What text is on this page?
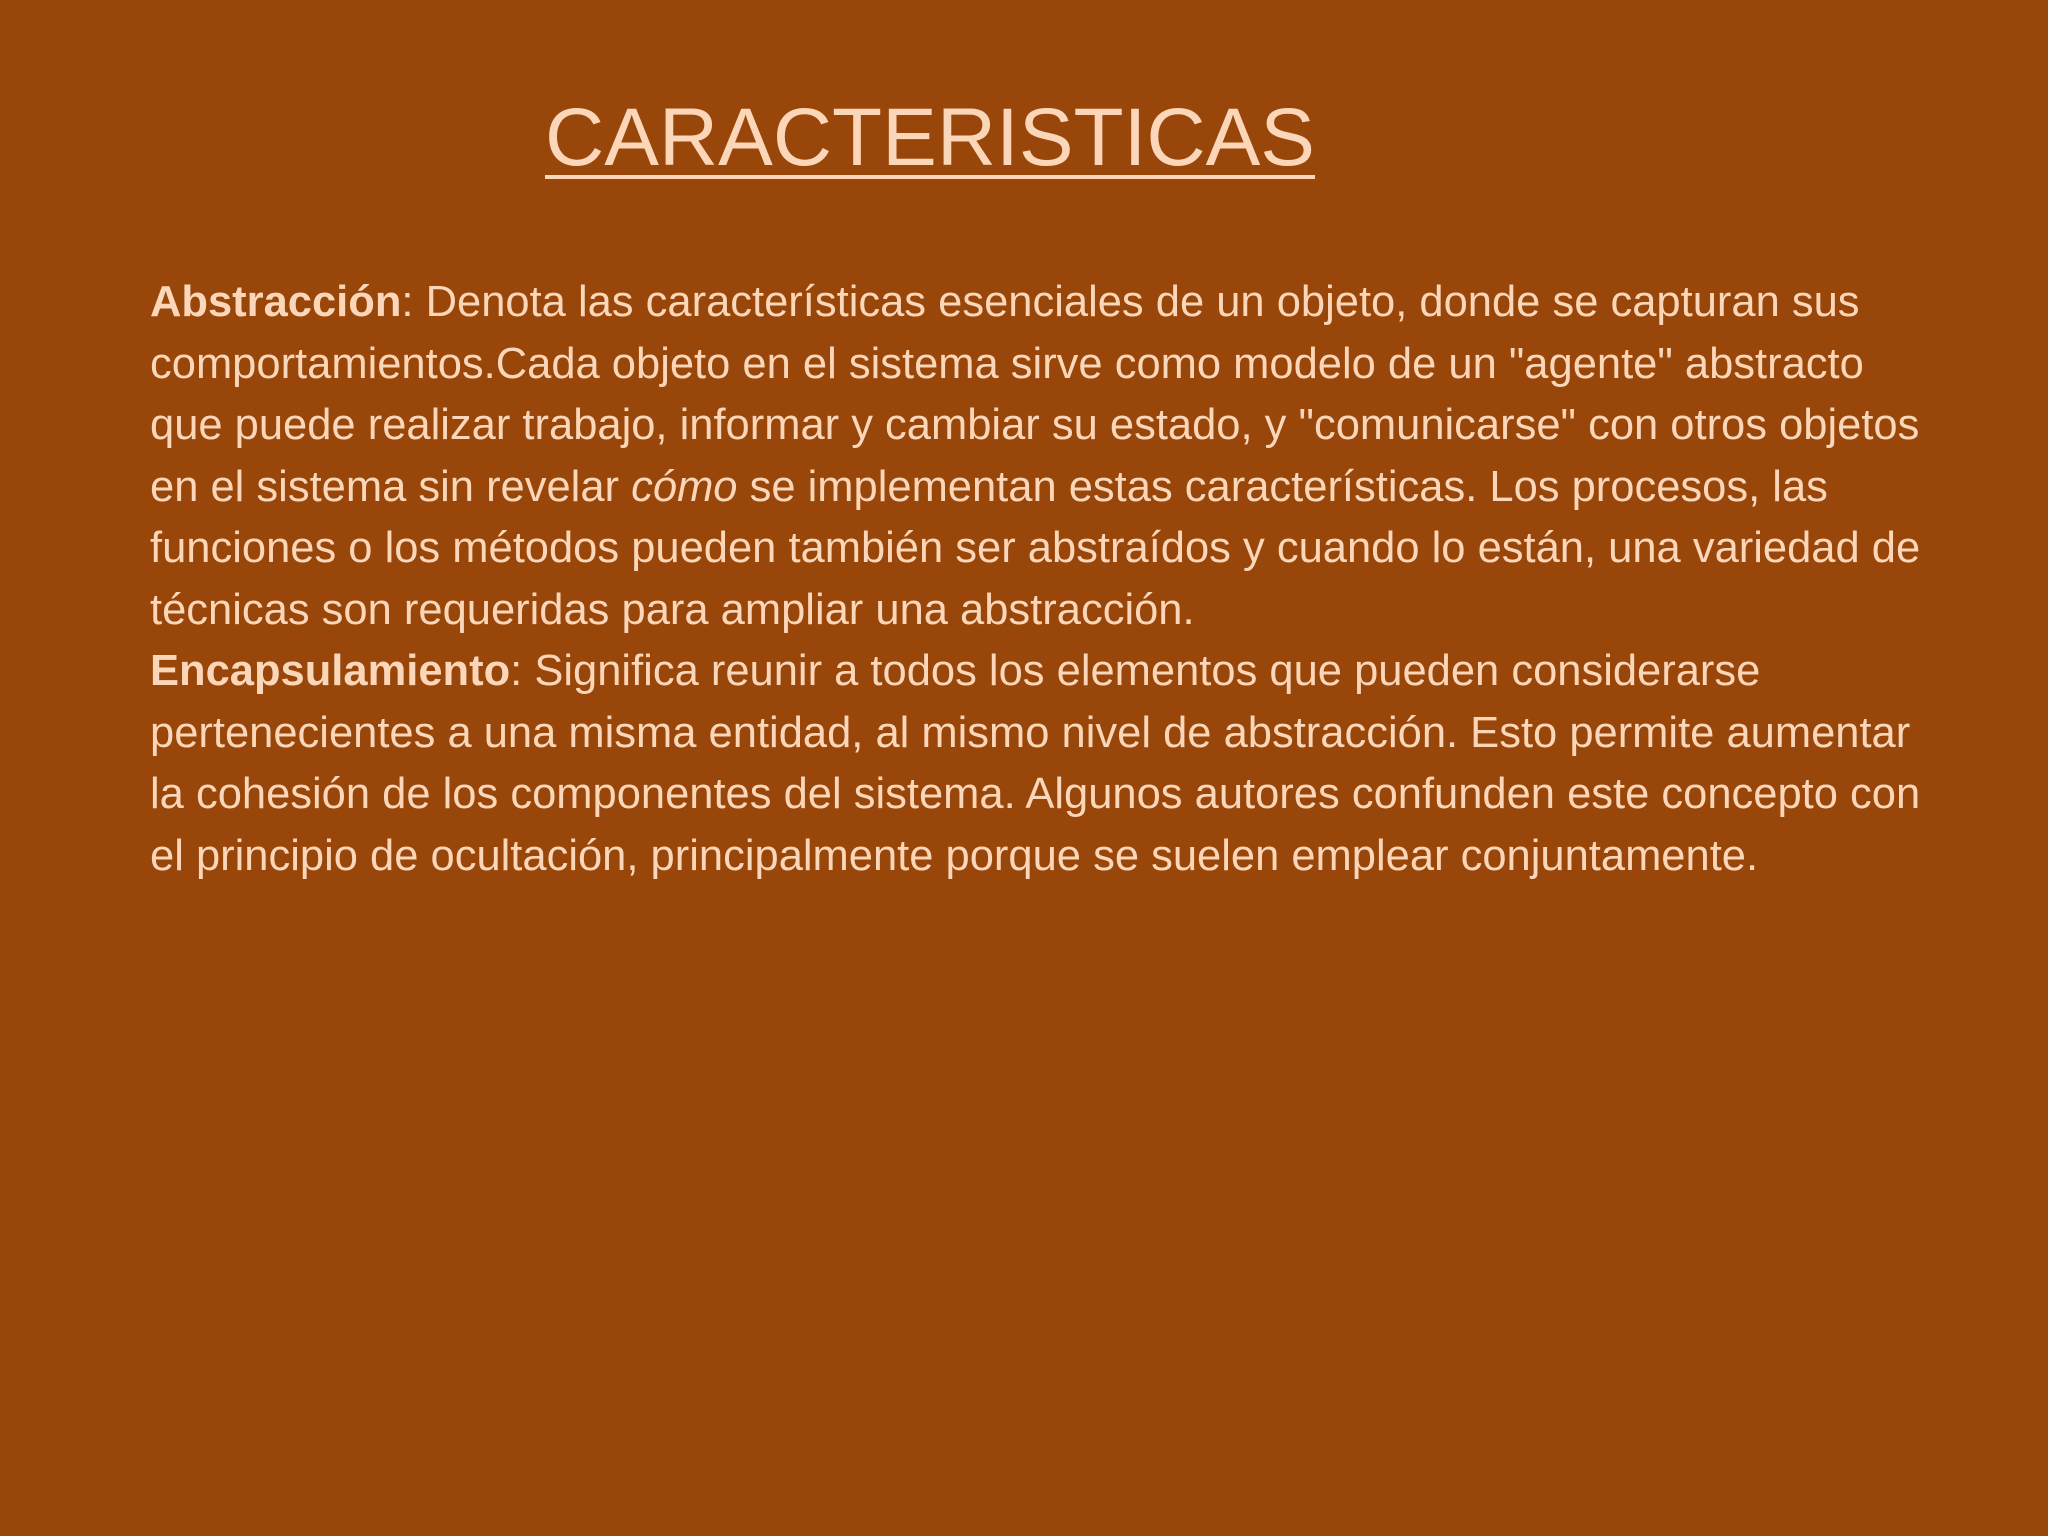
CARACTERISTICAS

Abstracción: Denota las características esenciales de un objeto, donde se capturan sus comportamientos.Cada objeto en el sistema sirve como modelo de un "agente" abstracto que puede realizar trabajo, informar y cambiar su estado, y "comunicarse" con otros objetos en el sistema sin revelar cómo se implementan estas características. Los procesos, las funciones o los métodos pueden también ser abstraídos y cuando lo están, una variedad de técnicas son requeridas para ampliar una abstracción.

Encapsulamiento: Significa reunir a todos los elementos que pueden considerarse pertenecientes a una misma entidad, al mismo nivel de abstracción. Esto permite aumentar la cohesión de los componentes del sistema. Algunos autores confunden este concepto con el principio de ocultación, principalmente porque se suelen emplear conjuntamente.
